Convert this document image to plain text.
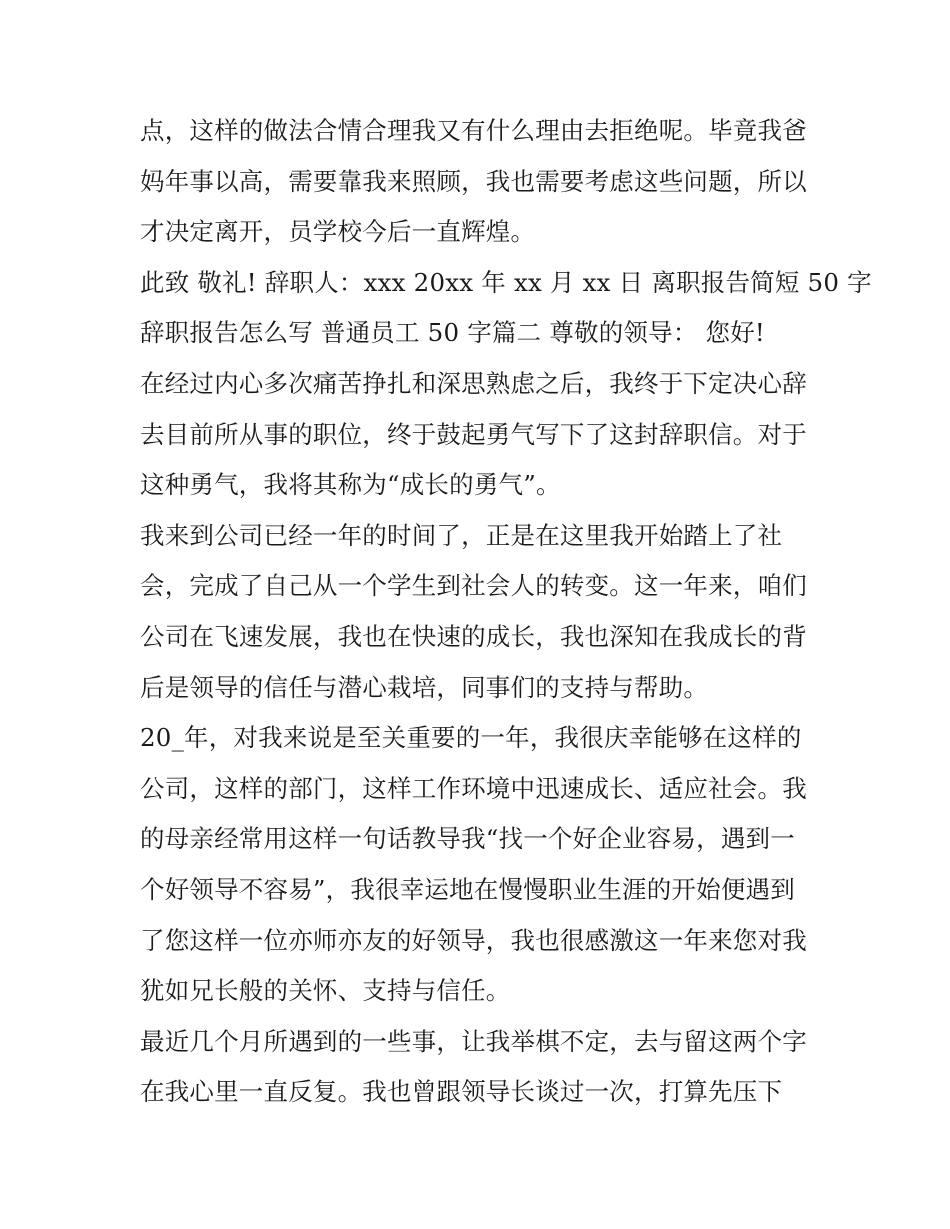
点，这样的做法合情合理我又有什么理由去拒绝呢。毕竟我爸
妈年事以高，需要靠我来照顾，我也需要考虑这些问题，所以
才决定离开，员学校今后一直辉煌。
此致 敬礼! 辞职人：xxx 20xx 年 xx 月 xx 日 离职报告简短 50 字
辞职报告怎么写 普通员工 50 字篇二 尊敬的领导： 您好!
在经过内心多次痛苦挣扎和深思熟虑之后，我终于下定决心辞
去目前所从事的职位，终于鼓起勇气写下了这封辞职信。对于
这种勇气，我将其称为“成长的勇气”。
我来到公司已经一年的时间了，正是在这里我开始踏上了社
会，完成了自己从一个学生到社会人的转变。这一年来，咱们
公司在飞速发展，我也在快速的成长，我也深知在我成长的背
后是领导的信任与潜心栽培，同事们的支持与帮助。
20_年，对我来说是至关重要的一年，我很庆幸能够在这样的
公司，这样的部门，这样工作环境中迅速成长、适应社会。我
的母亲经常用这样一句话教导我“找一个好企业容易，遇到一
个好领导不容易”，我很幸运地在慢慢职业生涯的开始便遇到
了您这样一位亦师亦友的好领导，我也很感激这一年来您对我
犹如兄长般的关怀、支持与信任。
最近几个月所遇到的一些事，让我举棋不定，去与留这两个字
在我心里一直反复。我也曾跟领导长谈过一次，打算先压下
